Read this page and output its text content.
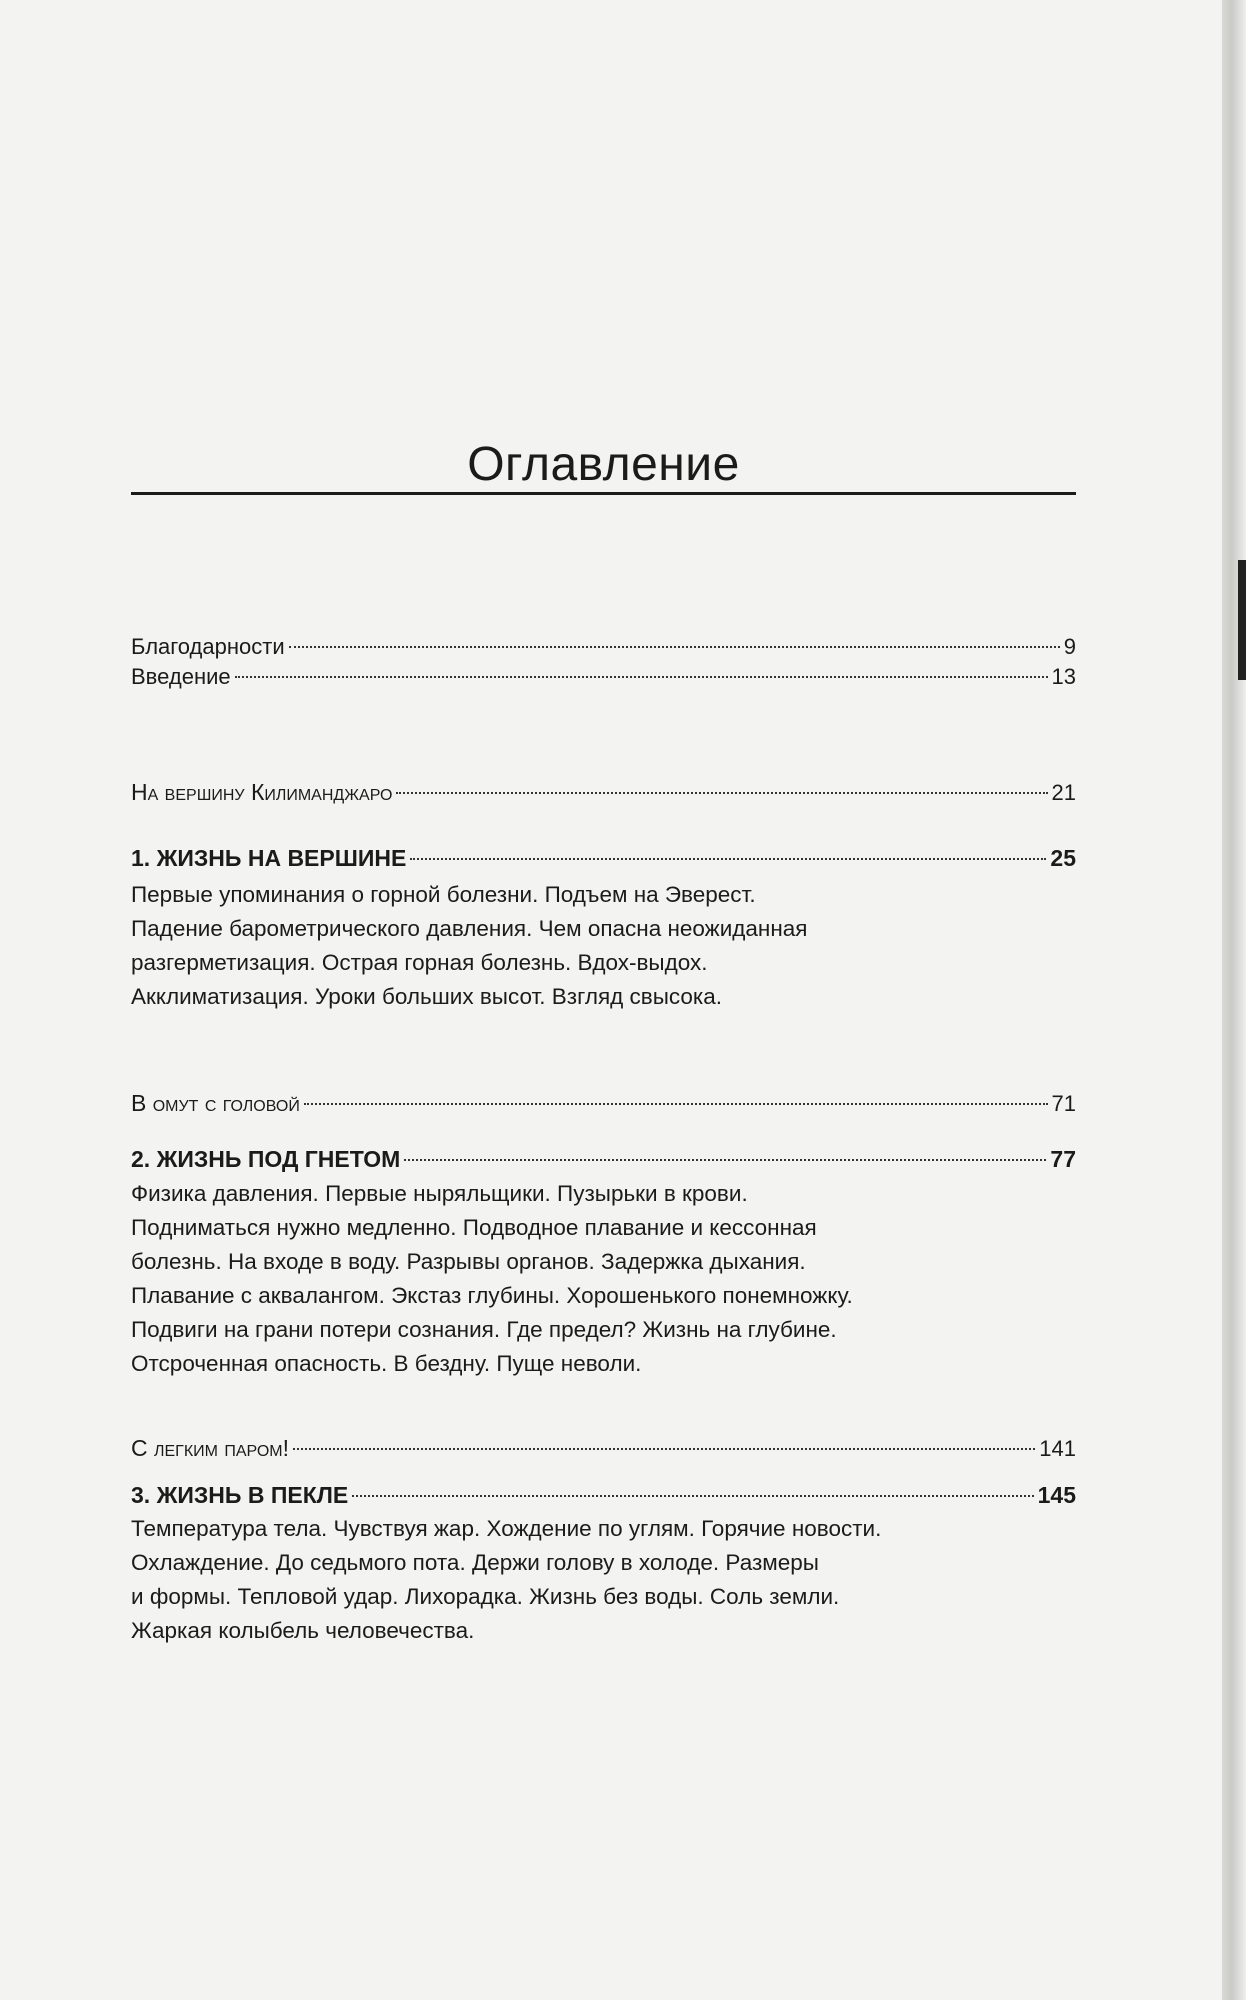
Оглавление
Благодарности	9
Введение	13
На вершину Килиманджаро	21
1. ЖИЗНЬ НА ВЕРШИНЕ	25

Первые упоминания о горной болезни. Подъем на Эверест.
Падение барометрического давления. Чем опасна неожиданная
разгерметизация. Острая горная болезнь. Вдох-выдох.
Акклиматизация. Уроки больших высот. Взгляд свысока.

В омут с головой	71
2. ЖИЗНЬ ПОД ГНЕТОМ	77

Физика давления. Первые ныряльщики. Пузырьки в крови.
Подниматься нужно медленно. Подводное плавание и кессонная
болезнь. На входе в воду. Разрывы органов. Задержка дыхания.
Плавание с аквалангом. Экстаз глубины. Хорошенького понемножку.
Подвиги на грани потери сознания. Где предел? Жизнь на глубине.
Отсроченная опасность. В бездну. Пуще неволи.

С легким паром!	141
3. ЖИЗНЬ В ПЕКЛЕ	145

Температура тела. Чувствуя жар. Хождение по углям. Горячие новости.
Охлаждение. До седьмого пота. Держи голову в холоде. Размеры
и формы. Тепловой удар. Лихорадка. Жизнь без воды. Соль земли.
Жаркая колыбель человечества.
